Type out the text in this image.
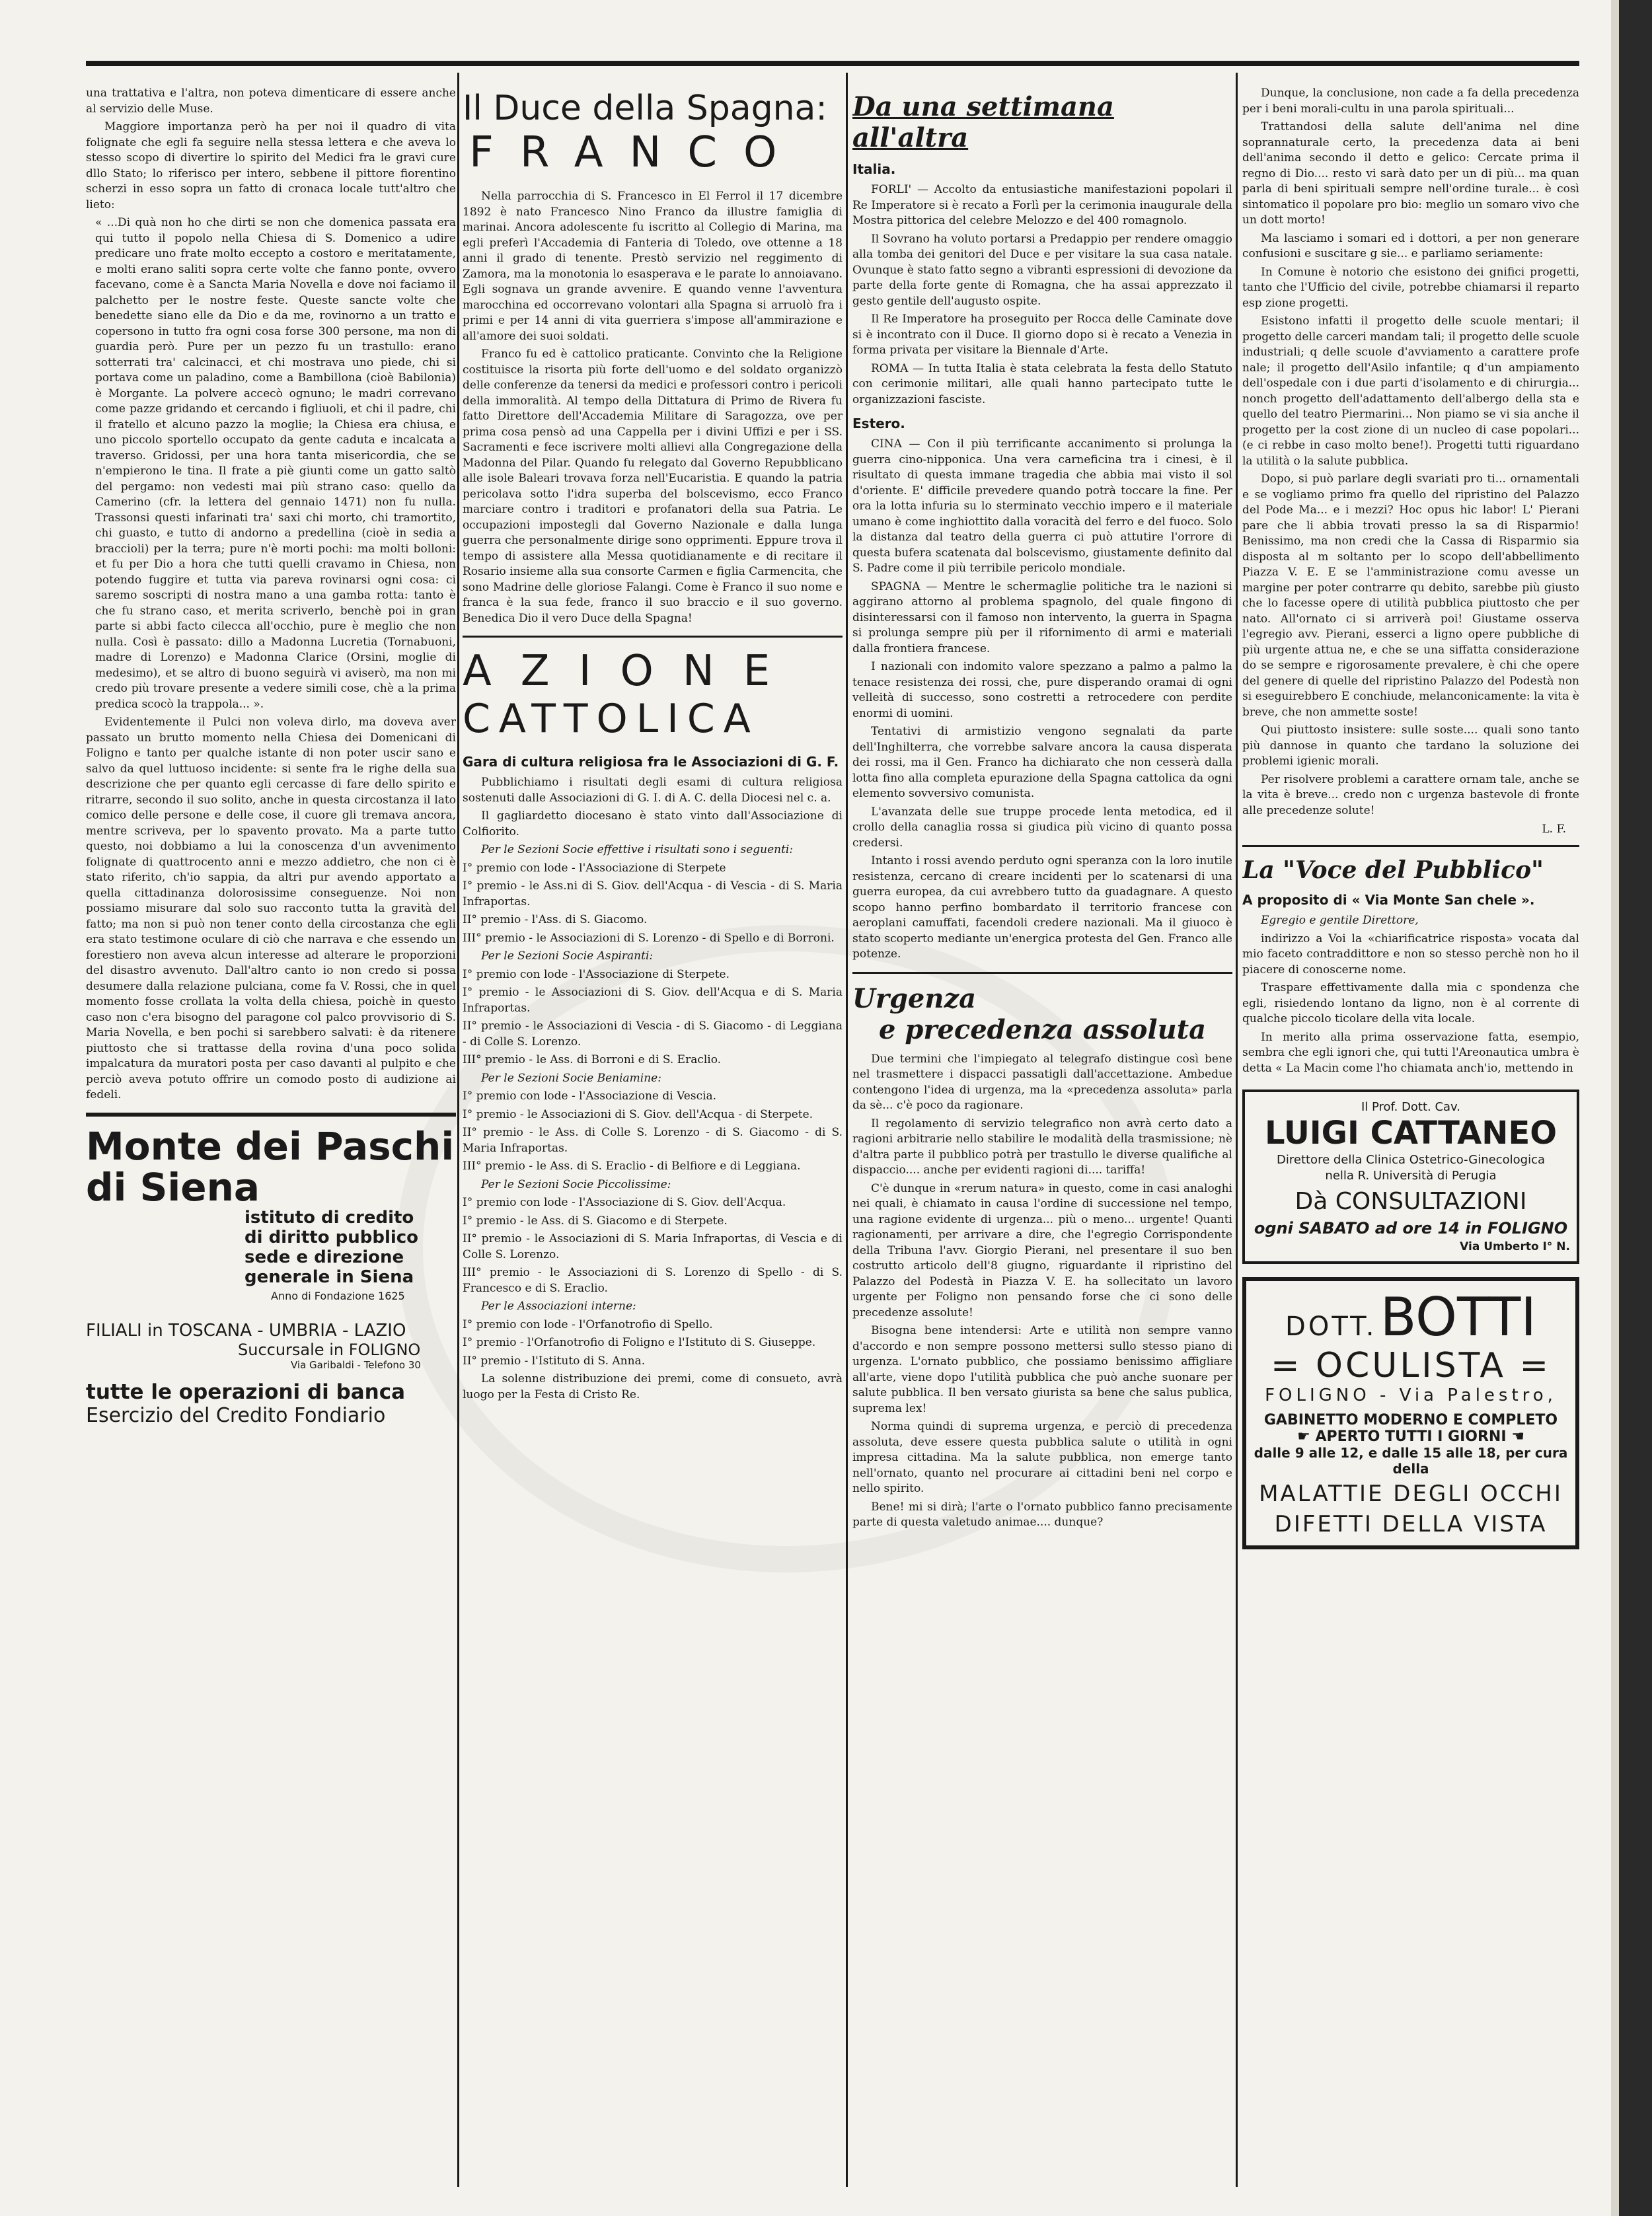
una trattativa e l'altra, non poteva dimenticare di essere anche al servizio delle Muse.

Maggiore importanza però ha per noi il quadro di vita folignate che egli fa seguire nella stessa lettera e che aveva lo stesso scopo di divertire lo spirito del Medici fra le gravi cure dllo Stato; lo riferisco per intero, sebbene il pittore fiorentino scherzi in esso sopra un fatto di cronaca locale tutt'altro che lieto:

« ...Di quà non ho che dirti se non che domenica passata era qui tutto il popolo nella Chiesa di S. Domenico a udire predicare uno frate molto eccepto a costoro e meritatamente, e molti erano saliti sopra certe volte che fanno ponte, ovvero facevano, come è a Sancta Maria Novella e dove noi faciamo il palchetto per le nostre feste. Queste sancte volte che benedette siano elle da Dio e da me, rovinorno a un tratto e copersono in tutto fra ogni cosa forse 300 persone, ma non di guardia però. Pure per un pezzo fu un trastullo: erano sotterrati tra' calcinacci, et chi mostrava uno piede, chi si portava come un paladino, come a Bambillona (cioè Babilonia) è Morgante. La polvere accecò ognuno; le madri correvano come pazze gridando et cercando i figliuoli, et chi il padre, chi il fratello et alcuno pazzo la moglie; la Chiesa era chiusa, e uno piccolo sportello occupato da gente caduta e incalcata a traverso. Gridossi, per una hora tanta misericordia, che se n'empierono le tina. Il frate a piè giunti come un gatto saltò del pergamo: non vedesti mai più strano caso: quello da Camerino (cfr. la lettera del gennaio 1471) non fu nulla. Trassonsi questi infarinati tra' saxi chi morto, chi tramortito, chi guasto, e tutto di andorno a predellina (cioè in sedia a braccioli) per la terra; pure n'è morti pochi: ma molti bolloni: et fu per Dio a hora che tutti quelli cravamo in Chiesa, non potendo fuggire et tutta via pareva rovinarsi ogni cosa: ci saremo soscripti di nostra mano a una gamba rotta: tanto è che fu strano caso, et merita scriverlo, benchè poi in gran parte si abbi facto cilecca all'occhio, pure è meglio che non nulla. Così è passato: dillo a Madonna Lucretia (Tornabuoni, madre di Lorenzo) e Madonna Clarice (Orsini, moglie di medesimo), et se altro di buono seguirà vi aviserò, ma non mi credo più trovare presente a vedere simili cose, chè a la prima predica scocò la trappola... ».

Evidentemente il Pulci non voleva dirlo, ma doveva aver passato un brutto momento nella Chiesa dei Domenicani di Foligno e tanto per qualche istante di non poter uscir sano e salvo da quel luttuoso incidente: si sente fra le righe della sua descrizione che per quanto egli cercasse di fare dello spirito e ritrarre, secondo il suo solito, anche in questa circostanza il lato comico delle persone e delle cose, il cuore gli tremava ancora, mentre scriveva, per lo spavento provato. Ma a parte tutto questo, noi dobbiamo a lui la conoscenza d'un avvenimento folignate di quattrocento anni e mezzo addietro, che non ci è stato riferito, ch'io sappia, da altri pur avendo apportato a quella cittadinanza dolorosissime conseguenze. Noi non possiamo misurare dal solo suo racconto tutta la gravità del fatto; ma non si può non tener conto della circostanza che egli era stato testimone oculare di ciò che narrava e che essendo un forestiero non aveva alcun interesse ad alterare le proporzioni del disastro avvenuto. Dall'altro canto io non credo si possa desumere dalla relazione pulciana, come fa V. Rossi, che in quel momento fosse crollata la volta della chiesa, poichè in questo caso non c'era bisogno del paragone col palco provvisorio di S. Maria Novella, e ben pochi si sarebbero salvati: è da ritenere piuttosto che si trattasse della rovina d'una poco solida impalcatura da muratori posta per caso davanti al pulpito e che perciò aveva potuto offrire un comodo posto di audizione ai fedeli.

Monte dei Paschi
di Siena
istituto di credito
di diritto pubblico
sede e direzione
generale in Siena
Anno di Fondazione 1625
FILIALI in TOSCANA - UMBRIA - LAZIO
Succursale in FOLIGNO
Via Garibaldi - Telefono 30
tutte le operazioni di banca
Esercizio del Credito Fondiario
Il Duce della Spagna:
FRANCO

Nella parrocchia di S. Francesco in El Ferrol il 17 dicembre 1892 è nato Francesco Nino Franco da illustre famiglia di marinai. Ancora adolescente fu iscritto al Collegio di Marina, ma egli preferì l'Accademia di Fanteria di Toledo, ove ottenne a 18 anni il grado di tenente. Prestò servizio nel reggimento di Zamora, ma la monotonia lo esasperava e le parate lo annoiavano. Egli sognava un grande avvenire. E quando venne l'avventura marocchina ed occorrevano volontari alla Spagna si arruolò fra i primi e per 14 anni di vita guerriera s'impose all'ammirazione e all'amore dei suoi soldati.

Franco fu ed è cattolico praticante. Convinto che la Religione costituisce la risorta più forte dell'uomo e del soldato organizzò delle conferenze da tenersi da medici e professori contro i pericoli della immoralità. Al tempo della Dittatura di Primo de Rivera fu fatto Direttore dell'Accademia Militare di Saragozza, ove per prima cosa pensò ad una Cappella per i divini Uffizi e per i SS. Sacramenti e fece iscrivere molti allievi alla Congregazione della Madonna del Pilar. Quando fu relegato dal Governo Repubblicano alle isole Baleari trovava forza nell'Eucaristia. E quando la patria pericolava sotto l'idra superba del bolscevismo, ecco Franco marciare contro i traditori e profanatori della sua Patria. Le occupazioni impostegli dal Governo Nazionale e dalla lunga guerra che personalmente dirige sono opprimenti. Eppure trova il tempo di assistere alla Messa quotidianamente e di recitare il Rosario insieme alla sua consorte Carmen e figlia Carmencita, che sono Madrine delle gloriose Falangi. Come è Franco il suo nome e franca è la sua fede, franco il suo braccio e il suo governo. Benedica Dio il vero Duce della Spagna!

AZIONE
CATTOLICA
Gara di cultura religiosa fra le Associazioni di G. F.

Pubblichiamo i risultati degli esami di cultura religiosa sostenuti dalle Associazioni di G. I. di A. C. della Diocesi nel c. a.

Il gagliardetto diocesano è stato vinto dall'Associazione di Colfiorito.

Per le Sezioni Socie effettive i risultati sono i seguenti:

I° premio con lode - l'Associazione di Sterpete

I° premio - le Ass.ni di S. Giov. dell'Acqua - di Vescia - di S. Maria Infraportas.

II° premio - l'Ass. di S. Giacomo.

III° premio - le Associazioni di S. Lorenzo - di Spello e di Borroni.

Per le Sezioni Socie Aspiranti:

I° premio con lode - l'Associazione di Sterpete.

I° premio - le Associazioni di S. Giov. dell'Acqua e di S. Maria Infraportas.

II° premio - le Associazioni di Vescia - di S. Giacomo - di Leggiana - di Colle S. Lorenzo.

III° premio - le Ass. di Borroni e di S. Eraclio.

Per le Sezioni Socie Beniamine:

I° premio con lode - l'Associazione di Vescia.

I° premio - le Associazioni di S. Giov. dell'Acqua - di Sterpete.

II° premio - le Ass. di Colle S. Lorenzo - di S. Giacomo - di S. Maria Infraportas.

III° premio - le Ass. di S. Eraclio - di Belfiore e di Leggiana.

Per le Sezioni Socie Piccolissime:

I° premio con lode - l'Associazione di S. Giov. dell'Acqua.

I° premio - le Ass. di S. Giacomo e di Sterpete.

II° premio - le Associazioni di S. Maria Infraportas, di Vescia e di Colle S. Lorenzo.

III° premio - le Associazioni di S. Lorenzo di Spello - di S. Francesco e di S. Eraclio.

Per le Associazioni interne:

I° premio con lode - l'Orfanotrofio di Spello.

I° premio - l'Orfanotrofio di Foligno e l'Istituto di S. Giuseppe.

II° premio - l'Istituto di S. Anna.

La solenne distribuzione dei premi, come di consueto, avrà luogo per la Festa di Cristo Re.

Da una settimana all'altra
Italia.

FORLI' — Accolto da entusiastiche manifestazioni popolari il Re Imperatore si è recato a Forlì per la cerimonia inaugurale della Mostra pittorica del celebre Melozzo e del 400 romagnolo.

Il Sovrano ha voluto portarsi a Predappio per rendere omaggio alla tomba dei genitori del Duce e per visitare la sua casa natale. Ovunque è stato fatto segno a vibranti espressioni di devozione da parte della forte gente di Romagna, che ha assai apprezzato il gesto gentile dell'augusto ospite.

Il Re Imperatore ha proseguito per Rocca delle Caminate dove si è incontrato con il Duce. Il giorno dopo si è recato a Venezia in forma privata per visitare la Biennale d'Arte.

ROMA — In tutta Italia è stata celebrata la festa dello Statuto con cerimonie militari, alle quali hanno partecipato tutte le organizzazioni fasciste.

Estero.

CINA — Con il più terrificante accanimento si prolunga la guerra cino-nipponica. Una vera carneficina tra i cinesi, è il risultato di questa immane tragedia che abbia mai visto il sol d'oriente. E' difficile prevedere quando potrà toccare la fine. Per ora la lotta infuria su lo sterminato vecchio impero e il materiale umano è come inghiottito dalla voracità del ferro e del fuoco. Solo la distanza dal teatro della guerra ci può attutire l'orrore di questa bufera scatenata dal bolscevismo, giustamente definito dal S. Padre come il più terribile pericolo mondiale.

SPAGNA — Mentre le schermaglie politiche tra le nazioni si aggirano attorno al problema spagnolo, del quale fingono di disinteressarsi con il famoso non intervento, la guerra in Spagna si prolunga sempre più per il rifornimento di armi e materiali dalla frontiera francese.

I nazionali con indomito valore spezzano a palmo a palmo la tenace resistenza dei rossi, che, pure disperando oramai di ogni velleità di successo, sono costretti a retrocedere con perdite enormi di uomini.

Tentativi di armistizio vengono segnalati da parte dell'Inghilterra, che vorrebbe salvare ancora la causa disperata dei rossi, ma il Gen. Franco ha dichiarato che non cesserà dalla lotta fino alla completa epurazione della Spagna cattolica da ogni elemento sovversivo comunista.

L'avanzata delle sue truppe procede lenta metodica, ed il crollo della canaglia rossa si giudica più vicino di quanto possa credersi.

Intanto i rossi avendo perduto ogni speranza con la loro inutile resistenza, cercano di creare incidenti per lo scatenarsi di una guerra europea, da cui avrebbero tutto da guadagnare. A questo scopo hanno perfino bombardato il territorio francese con aeroplani camuffati, facendoli credere nazionali. Ma il giuoco è stato scoperto mediante un'energica protesta del Gen. Franco alle potenze.

Urgenza
e precedenza assoluta

Due termini che l'impiegato al telegrafo distingue così bene nel trasmettere i dispacci passatigli dall'accettazione. Ambedue contengono l'idea di urgenza, ma la «precedenza assoluta» parla da sè... c'è poco da ragionare.

Il regolamento di servizio telegrafico non avrà certo dato a ragioni arbitrarie nello stabilire le modalità della trasmissione; nè d'altra parte il pubblico potrà per trastullo le diverse qualifiche al dispaccio.... anche per evidenti ragioni di.... tariffa!

C'è dunque in «rerum natura» in questo, come in casi analoghi nei quali, è chiamato in causa l'ordine di successione nel tempo, una ragione evidente di urgenza... più o meno... urgente! Quanti ragionamenti, per arrivare a dire, che l'egregio Corrispondente della Tribuna l'avv. Giorgio Pierani, nel presentare il suo ben costrutto articolo dell'8 giugno, riguardante il ripristino del Palazzo del Podestà in Piazza V. E. ha sollecitato un lavoro urgente per Foligno non pensando forse che ci sono delle precedenze assolute!

Bisogna bene intendersi: Arte e utilità non sempre vanno d'accordo e non sempre possono mettersi sullo stesso piano di urgenza. L'ornato pubblico, che possiamo benissimo affigliare all'arte, viene dopo l'utilità pubblica che può anche suonare per salute pubblica. Il ben versato giurista sa bene che salus publica, suprema lex!

Norma quindi di suprema urgenza, e perciò di precedenza assoluta, deve essere questa pubblica salute o utilità in ogni impresa cittadina. Ma la salute pubblica, non emerge tanto nell'ornato, quanto nel procurare ai cittadini beni nel corpo e nello spirito.

Bene! mi si dirà; l'arte o l'ornato pubblico fanno precisamente parte di questa valetudo animae.... dunque?

Dunque, la conclusione, non cade a fa della precedenza per i beni morali-cultu in una parola spirituali...

Trattandosi della salute dell'anima nel dine soprannaturale certo, la precedenza data ai beni dell'anima secondo il detto e gelico: Cercate prima il regno di Dio.... resto vi sarà dato per un di più... ma quan parla di beni spirituali sempre nell'ordine turale... è così sintomatico il popolare pro bio: meglio un somaro vivo che un dott morto!

Ma lasciamo i somari ed i dottori, a per non generare confusioni e suscitare g sie... e parliamo seriamente:

In Comune è notorio che esistono dei gnifici progetti, tanto che l'Ufficio del civile, potrebbe chiamarsi il reparto esp zione progetti.

Esistono infatti il progetto delle scuole mentari; il progetto delle carceri mandam tali; il progetto delle scuole industriali; q delle scuole d'avviamento a carattere profe nale; il progetto dell'Asilo infantile; q d'un ampiamento dell'ospedale con i due parti d'isolamento e di chirurgia... nonch progetto dell'adattamento dell'albergo della sta e quello del teatro Piermarini... Non piamo se vi sia anche il progetto per la cost zione di un nucleo di case popolari... (e ci rebbe in caso molto bene!). Progetti tutti riguardano la utilità o la salute pubblica.

Dopo, si può parlare degli svariati pro ti... ornamentali e se vogliamo primo fra quello del ripristino del Palazzo del Pode Ma... e i mezzi? Hoc opus hic labor! L' Pierani pare che li abbia trovati presso la sa di Risparmio! Benissimo, ma non credi che la Cassa di Risparmio sia disposta al m soltanto per lo scopo dell'abbellimento Piazza V. E. E se l'amministrazione comu avesse un margine per poter contrarre qu debito, sarebbe più giusto che lo facesse opere di utilità pubblica piuttosto che per nato. All'ornato ci si arriverà poi! Giustame osserva l'egregio avv. Pierani, esserci a ligno opere pubbliche di più urgente attua ne, e che se una siffatta considerazione do se sempre e rigorosamente prevalere, è chi che opere del genere di quelle del ripristino Palazzo del Podestà non si eseguirebbero E conchiude, melanconicamente: la vita è breve, che non ammette soste!

Qui piuttosto insistere: sulle soste.... quali sono tanto più dannose in quanto che tardano la soluzione dei problemi igienic morali.

Per risolvere problemi a carattere ornam tale, anche se la vita è breve... credo non c urgenza bastevole di fronte alle precedenze solute!

L. F.
La "Voce del Pubblico"
A proposito di « Via Monte San chele ».

Egregio e gentile Direttore,

indirizzo a Voi la «chiarificatrice risposta» vocata dal mio faceto contraddittore e non so stesso perchè non ho il piacere di conoscerne nome.

Traspare effettivamente dalla mia c spondenza che egli, risiedendo lontano da ligno, non è al corrente di qualche piccolo ticolare della vita locale.

In merito alla prima osservazione fatta, esempio, sembra che egli ignori che, qui tutti l'Areonautica umbra è detta « La Macin come l'ho chiamata anch'io, mettendo in

Il Prof. Dott. Cav.
LUIGI CATTANEO
Direttore della Clinica Ostetrico-Ginecologica
nella R. Università di Perugia
Dà CONSULTAZIONI
ogni SABATO ad ore 14 in FOLIGNO
Via Umberto I° N.
DOTT. BOTTI
= OCULISTA =
FOLIGNO - Via Palestro,
GABINETTO MODERNO E COMPLETO
☛ APERTO TUTTI I GIORNI ☚
dalle 9 alle 12, e dalle 15 alle 18, per cura della
MALATTIE DEGLI OCCHI
DIFETTI DELLA VISTA
